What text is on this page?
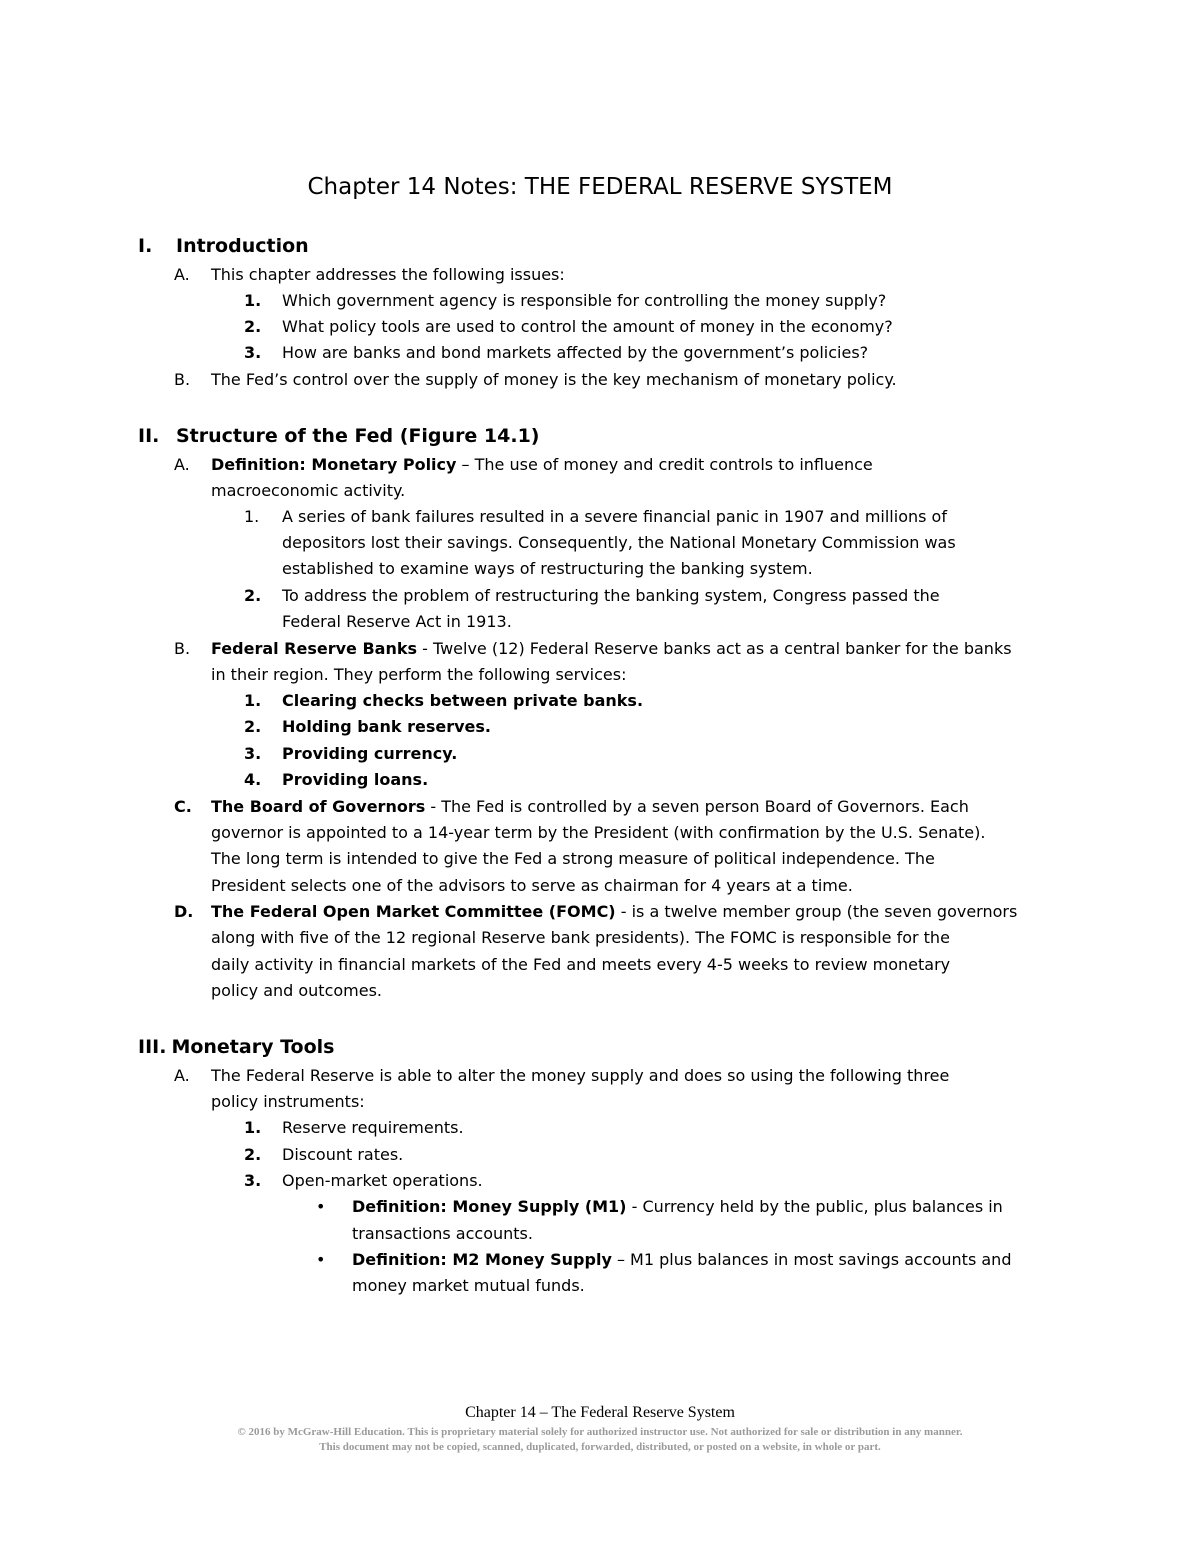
Chapter 14 Notes: THE FEDERAL RESERVE SYSTEM
I. Introduction
A. This chapter addresses the following issues:
1. Which government agency is responsible for controlling the money supply?
2. What policy tools are used to control the amount of money in the economy?
3. How are banks and bond markets affected by the government’s policies?
B. The Fed’s control over the supply of money is the key mechanism of monetary policy.
II. Structure of the Fed (Figure 14.1)
A. Definition: Monetary Policy – The use of money and credit controls to influence
macroeconomic activity.
1. A series of bank failures resulted in a severe financial panic in 1907 and millions of
depositors lost their savings. Consequently, the National Monetary Commission was
established to examine ways of restructuring the banking system.
2. To address the problem of restructuring the banking system, Congress passed the
Federal Reserve Act in 1913.
B. Federal Reserve Banks - Twelve (12) Federal Reserve banks act as a central banker for the banks
in their region. They perform the following services:
1. Clearing checks between private banks.
2. Holding bank reserves.
3. Providing currency.
4. Providing loans.
C. The Board of Governors - The Fed is controlled by a seven person Board of Governors. Each
governor is appointed to a 14-year term by the President (with confirmation by the U.S. Senate).
The long term is intended to give the Fed a strong measure of political independence. The
President selects one of the advisors to serve as chairman for 4 years at a time.
D. The Federal Open Market Committee (FOMC) - is a twelve member group (the seven governors
along with five of the 12 regional Reserve bank presidents). The FOMC is responsible for the
daily activity in financial markets of the Fed and meets every 4-5 weeks to review monetary
policy and outcomes.
III. Monetary Tools
A. The Federal Reserve is able to alter the money supply and does so using the following three
policy instruments:
1. Reserve requirements.
2. Discount rates.
3. Open-market operations.
• Definition: Money Supply (M1) - Currency held by the public, plus balances in
transactions accounts.
• Definition: M2 Money Supply – M1 plus balances in most savings accounts and
money market mutual funds.
Chapter 14 – The Federal Reserve System
© 2016 by McGraw-Hill Education. This is proprietary material solely for authorized instructor use. Not authorized for sale or distribution in any manner.
This document may not be copied, scanned, duplicated, forwarded, distributed, or posted on a website, in whole or part.
